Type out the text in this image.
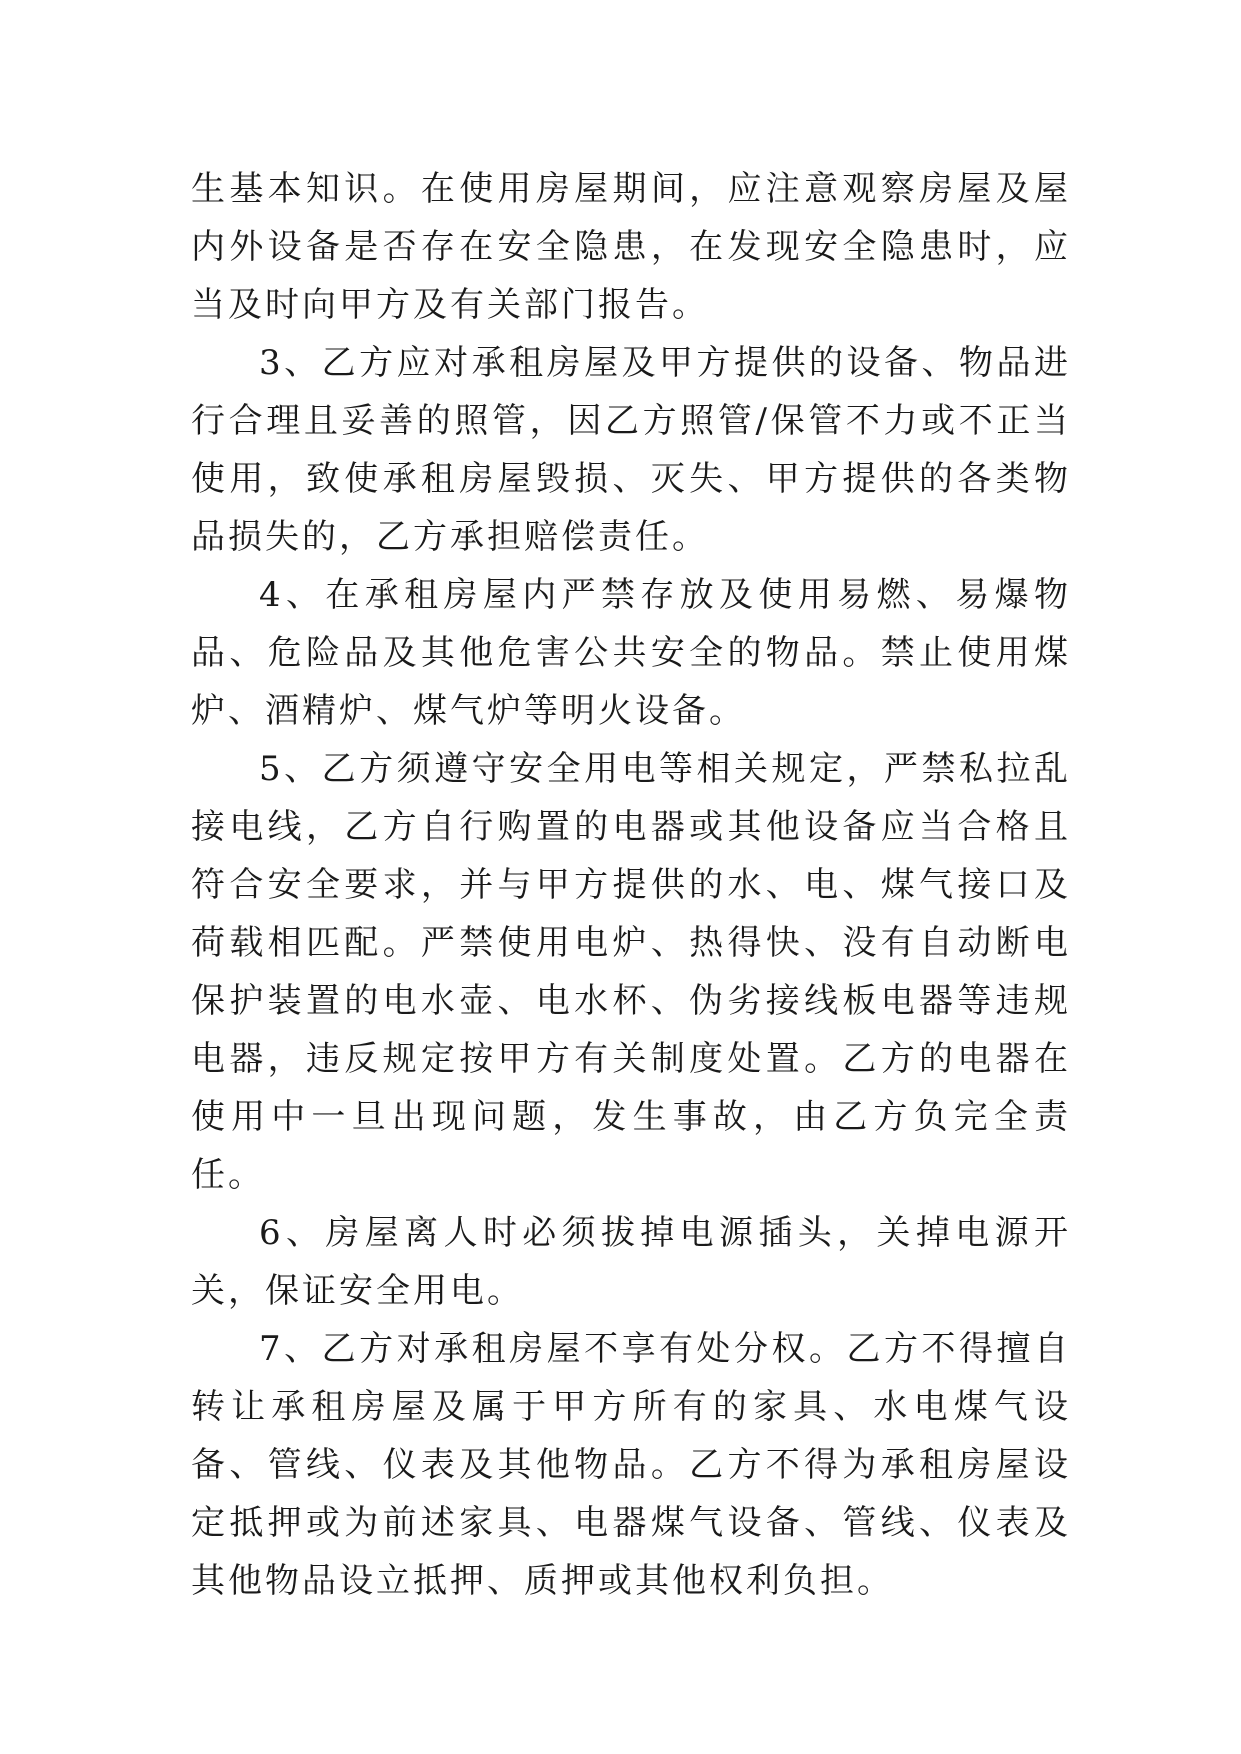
生基本知识。在使用房屋期间，应注意观察房屋及屋内外设备是否存在安全隐患，在发现安全隐患时，应当及时向甲方及有关部门报告。

3、乙方应对承租房屋及甲方提供的设备、物品进行合理且妥善的照管，因乙方照管/保管不力或不正当使用，致使承租房屋毁损、灭失、甲方提供的各类物品损失的，乙方承担赔偿责任。

4、在承租房屋内严禁存放及使用易燃、易爆物品、危险品及其他危害公共安全的物品。禁止使用煤炉、酒精炉、煤气炉等明火设备。

5、乙方须遵守安全用电等相关规定，严禁私拉乱接电线，乙方自行购置的电器或其他设备应当合格且符合安全要求，并与甲方提供的水、电、煤气接口及荷载相匹配。严禁使用电炉、热得快、没有自动断电保护装置的电水壶、电水杯、伪劣接线板电器等违规电器，违反规定按甲方有关制度处置。乙方的电器在使用中一旦出现问题，发生事故，由乙方负完全责任。

6、房屋离人时必须拔掉电源插头，关掉电源开关，保证安全用电。

7、乙方对承租房屋不享有处分权。乙方不得擅自转让承租房屋及属于甲方所有的家具、水电煤气设备、管线、仪表及其他物品。乙方不得为承租房屋设定抵押或为前述家具、电器煤气设备、管线、仪表及其他物品设立抵押、质押或其他权利负担。
